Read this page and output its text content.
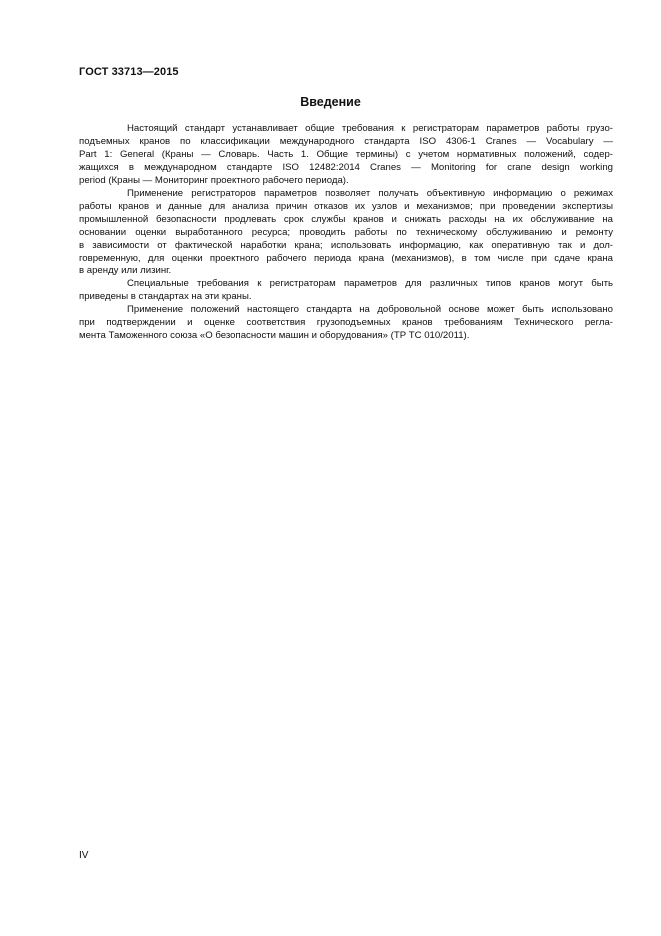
ГОСТ 33713—2015
Введение
Настоящий стандарт устанавливает общие требования к регистраторам параметров работы грузо-
подъемных кранов по классификации международного стандарта ISO 4306-1 Cranes — Vocabulary —
Part 1: General (Краны — Словарь. Часть 1. Общие термины) с учетом нормативных положений, содер-
жащихся в международном стандарте ISO 12482:2014 Cranes — Monitoring for crane design working
period (Краны — Мониторинг проектного рабочего периода).
Применение регистраторов параметров позволяет получать объективную информацию о режимах
работы кранов и данные для анализа причин отказов их узлов и механизмов; при проведении экспертизы
промышленной безопасности продлевать срок службы кранов и снижать расходы на их обслуживание на
основании оценки выработанного ресурса; проводить работы по техническому обслуживанию и ремонту
в зависимости от фактической наработки крана; использовать информацию, как оперативную так и дол-
говременную, для оценки проектного рабочего периода крана (механизмов), в том числе при сдаче крана
в аренду или лизинг.
Специальные требования к регистраторам параметров для различных типов кранов могут быть
приведены в стандартах на эти краны.
Применение положений настоящего стандарта на добровольной основе может быть использовано
при подтверждении и оценке соответствия грузоподъемных кранов требованиям Технического регла-
мента Таможенного союза «О безопасности машин и оборудования» (ТР ТС 010/2011).
IV
